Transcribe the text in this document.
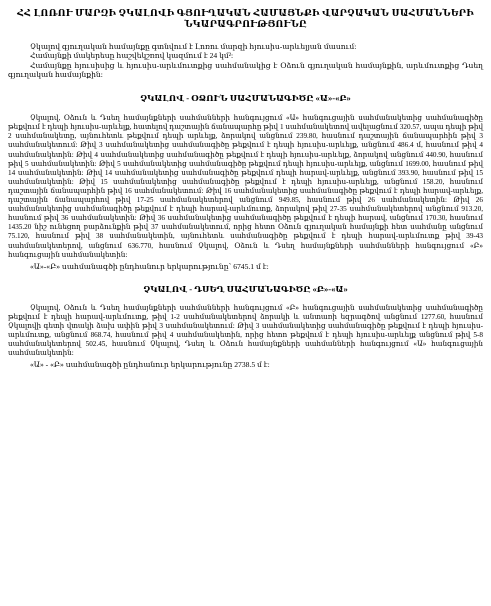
ՀՀ ԼՈՌՈՒ ՄԱՐԶԻ ՉԿԱԼՈՎԻ ԳՅՈՒՂԱԿԱՆ ՀԱՄԱՅՆՔԻ ՎԱՐՉԱԿԱՆ ՍԱՀՄԱՆՆԵՐԻ ՆԿԱՐԱԳՐՈՒԹՅՈՒՆԸ

Չկալով գյուղական համայնքը գտնվում է Լոռու մարզի հյուսիս-արևելյան մասում:

Համայնքի մակերեսը հաշվեկշռով կազմում է 24 կմ²:

Համայնքը հյուսիսից և հյուսիս-արևմուտքից սահմանակից է Օձուն գյուղական համայնքին, արևմուտքից Դսեղ գյուղական համայնքին:

ՉԿԱԼՈՎ - ՕՁՈՒՆ ՍԱՀՄԱՆԱԳԻԾԸ «Ա»-«Բ»

Չկալով, Օձուն և Դսեղ համայնքների սահմանների հանգույցում «Ա» հանգուցային սահմանակետից սահմանագիծը թեքվում է դեպի հյուսիս-արևելք, հատելով դաշտային ճանապարհը թիվ 1 սահմանակետով ավելացնում 320.57, ապա դեպի թիվ 2 սահմանակետը, այնուհետև թեքվում դեպի արևելք, ձորակով անցնում 239.80, հասնում դաշտային ճանապարհին թիվ 3 սահմանակետում: Թիվ 3 սահմանակետից սահմանագիծը թեքվում է դեպի հյուսիս-արևելք, անցնում 486.4 մ, հասնում թիվ 4 սահմանակետին: Թիվ 4 սահմանակետից սահմանագիծը թեքվում է դեպի հյուսիս-արևելք, ձորակով անցնում 440.90, հասնում թիվ 5 սահմանակետին: Թիվ 5 սահմանակետից սահմանագիծը թեքվում դեպի հյուսիս-արևելք, անցնում 1699.00, հասնում թիվ 14 սահմանակետին: Թիվ 14 սահմանակետից սահմանագիծը թեքվում դեպի հարավ-արևելք, անցնում 393.90, հասնում թիվ 15 սահմանակետին: Թիվ 15 սահմանակետից սահմանագիծը թեքվում է դեպի հյուսիս-արևելք, անցնում 158.20, հասնում դաշտային ճանապարհին թիվ 16 սահմանակետում: Թիվ 16 սահմանակետից սահմանագիծը թեքվում է դեպի հարավ-արևելք, դաշտային ճանապարհով թիվ 17-25 սահմանակետերով անցնում 949.85, հասնում թիվ 26 սահմանակետին: Թիվ 26 սահմանակետից սահմանագիծը թեքվում է դեպի հարավ-արևմուտք, ձորակով թիվ 27-35 սահմանակետերով անցնում 913.20, հասնում թիվ 36 սահմանակետին: Թիվ 36 սահմանակետից սահմանագիծը թեքվում է դեպի հարավ, անցնում 170.30, հասնում 1435.20 նիշ ունեցող բարձունքին թիվ 37 սահմանակետում, որից հետո Օձուն գյուղական համայնքի հետ սահմանը անցնում 75.120, հասնում թիվ 38 սահմանակետին, այնուհետև սահմանագիծը թեքվում է դեպի հարավ-արևմուտք թիվ 39-43 սահմանակետերով, անցնում 636.770, հասնում Չկալով, Օձուն և Դսեղ համայնքների սահմանների հանգույցում «Բ» հանգուցային սահմանակետին:

«Ա»-«Բ» սահմանագծի ընդհանուր երկարությունը՝ 6745.1 մ է:

ՉԿԱԼՈՎ - ԴՍԵՂ ՍԱՀՄԱՆԱԳԻԾԸ «Բ»-«Ա»

Չկալով, Օձուն և Դսեղ համայնքների սահմանների հանգույցում «Բ» հանգուցային սահմանակետից սահմանագիծը թեքվում է դեպի հարավ-արևմուտք, թիվ 1-2 սահմանակետերով ձորակի և անտառի եզրագծով անցնում 1277.60, հասնում Չկալովի գետի վտակի ձախ ափին թիվ 3 սահմանակետում: Թիվ 3 սահմանակետից սահմանագիծը թեքվում է դեպի հյուսիս-արևմուտք, անցնում 868.74, հասնում թիվ 4 սահմանակետին, որից հետո թեքվում է դեպի հյուսիս-արևելք անցնում թիվ 5-8 սահմանակետերով 502.45, հասնում Չկալով, Դսեղ և Օձուն համայնքների սահմանների հանգույցում «Ա» հանգուցային սահմանակետին:

«Ա» - «Բ» սահմանագծի ընդհանուր երկարությունը 2738.5 մ է:
